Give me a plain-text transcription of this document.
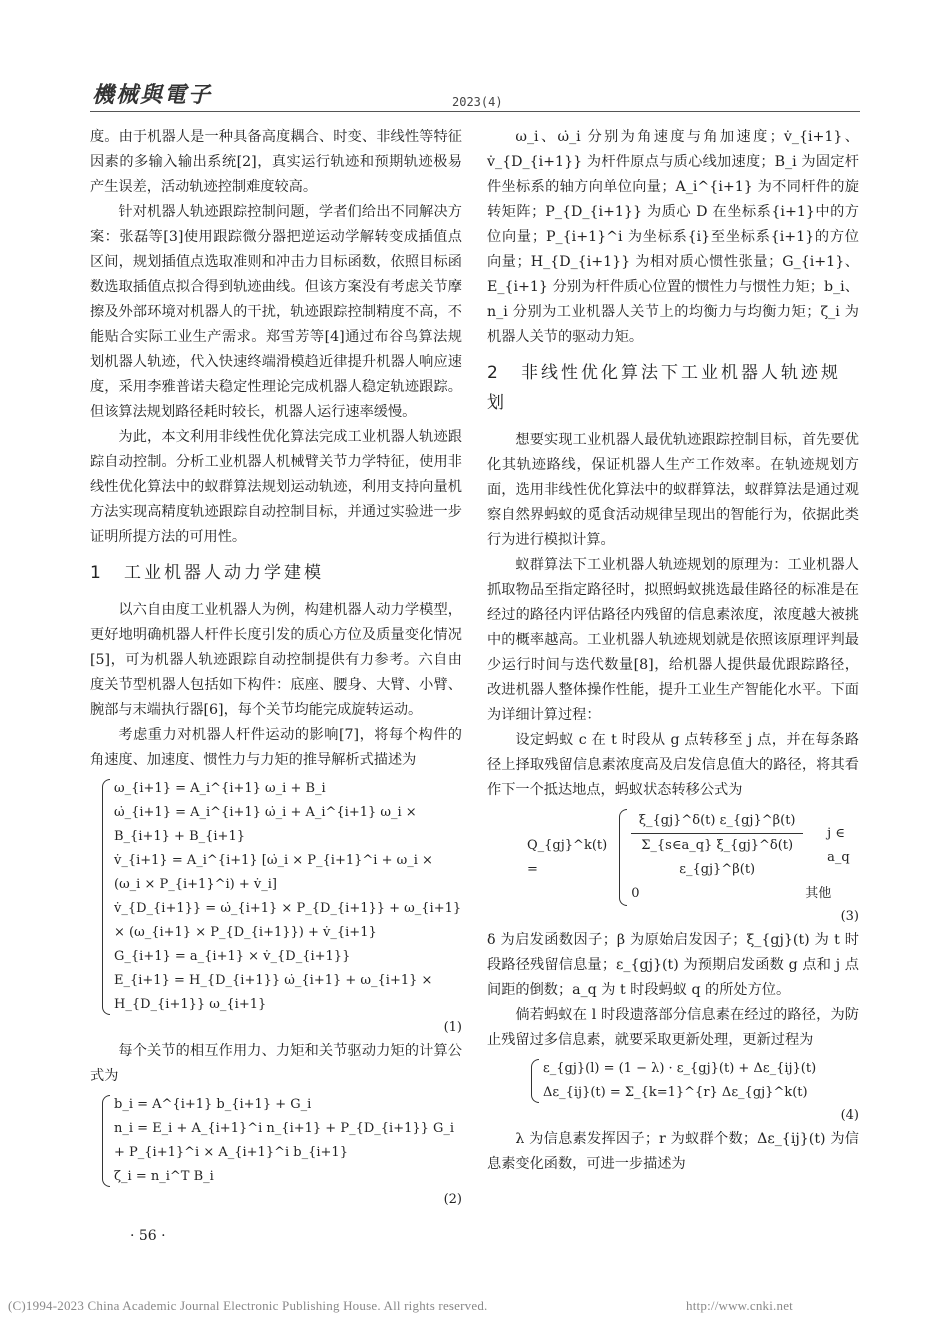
機械與電子	2023(4)

度。由于机器人是一种具备高度耦合、时变、非线性等特征因素的多输入输出系统[2]，真实运行轨迹和预期轨迹极易产生误差，活动轨迹控制难度较高。

针对机器人轨迹跟踪控制问题，学者们给出不同解决方案：张磊等[3]使用跟踪微分器把逆运动学解转变成插值点区间，规划插值点选取准则和冲击力目标函数，依照目标函数选取插值点拟合得到轨迹曲线。但该方案没有考虑关节摩擦及外部环境对机器人的干扰，轨迹跟踪控制精度不高，不能贴合实际工业生产需求。郑雪芳等[4]通过布谷鸟算法规划机器人轨迹，代入快速终端滑模趋近律提升机器人响应速度，采用李雅普诺夫稳定性理论完成机器人稳定轨迹跟踪。但该算法规划路径耗时较长，机器人运行速率缓慢。

为此，本文利用非线性优化算法完成工业机器人轨迹跟踪自动控制。分析工业机器人机械臂关节力学特征，使用非线性优化算法中的蚁群算法规划运动轨迹，利用支持向量机方法实现高精度轨迹跟踪自动控制目标，并通过实验进一步证明所提方法的可用性。

1 工业机器人动力学建模

以六自由度工业机器人为例，构建机器人动力学模型，更好地明确机器人杆件长度引发的质心方位及质量变化情况[5]，可为机器人轨迹跟踪自动控制提供有力参考。六自由度关节型机器人包括如下构件：底座、腰身、大臂、小臂、腕部与末端执行器[6]，每个关节均能完成旋转运动。

考虑重力对机器人杆件运动的影响[7]，将每个构件的角速度、加速度、惯性力与力矩的推导解析式描述为

ω_{i+1} = A_i^{i+1} ω_i + B_i
ω̇_{i+1} = A_i^{i+1} ω̇_i + A_i^{i+1} ω_i × B_{i+1} + B_{i+1}
v̇_{i+1} = A_i^{i+1} [ω̇_i × P_{i+1}^i + ω_i × (ω_i × P_{i+1}^i) + v̇_i]
v̇_{D_{i+1}} = ω̇_{i+1} × P_{D_{i+1}} + ω_{i+1} × (ω_{i+1} × P_{D_{i+1}}) + v̇_{i+1}
G_{i+1} = a_{i+1} × v̇_{D_{i+1}}
E_{i+1} = H_{D_{i+1}} ω̇_{i+1} + ω_{i+1} × H_{D_{i+1}} ω_{i+1}
(1)

每个关节的相互作用力、力矩和关节驱动力矩的计算公式为

b_i = A^{i+1} b_{i+1} + G_i
n_i = E_i + A_{i+1}^i n_{i+1} + P_{D_{i+1}} G_i + P_{i+1}^i × A_{i+1}^i b_{i+1}
ζ_i = n_i^T B_i
(2)

ω_i、ω̇_i 分别为角速度与角加速度；v̇_{i+1}、v̇_{D_{i+1}} 为杆件原点与质心线加速度；B_i 为固定杆件坐标系的轴方向单位向量；A_i^{i+1} 为不同杆件的旋转矩阵；P_{D_{i+1}} 为质心 D 在坐标系{i+1}中的方位向量；P_{i+1}^i 为坐标系{i}至坐标系{i+1}的方位向量；H_{D_{i+1}} 为相对质心惯性张量；G_{i+1}、E_{i+1} 分别为杆件质心位置的惯性力与惯性力矩；b_i、n_i 分别为工业机器人关节上的均衡力与均衡力矩；ζ_i 为机器人关节的驱动力矩。

2 非线性优化算法下工业机器人轨迹规划

想要实现工业机器人最优轨迹跟踪控制目标，首先要优化其轨迹路线，保证机器人生产工作效率。在轨迹规划方面，选用非线性优化算法中的蚁群算法，蚁群算法是通过观察自然界蚂蚁的觅食活动规律呈现出的智能行为，依据此类行为进行模拟计算。

蚁群算法下工业机器人轨迹规划的原理为：工业机器人抓取物品至指定路径时，拟照蚂蚁挑选最佳路径的标准是在经过的路径内评估路径内残留的信息素浓度，浓度越大被挑中的概率越高。工业机器人轨迹规划就是依照该原理评判最少运行时间与迭代数量[8]，给机器人提供最优跟踪路径，改进机器人整体操作性能，提升工业生产智能化水平。下面为详细计算过程：

设定蚂蚁 c 在 t 时段从 g 点转移至 j 点，并在每条路径上择取残留信息素浓度高及启发信息值大的路径，将其看作下一个抵达地点，蚂蚁状态转移公式为

Q_{gj}^k(t) =	$\frac{\xi\_\{gj\}\^{}\delta(t) \varepsilon\_\{gj\}\^{}\beta(t)}{\Sigma\_\{s\in a\_q\} \xi\_\{gj\}\^{}\delta(t) \varepsilon\_\{gj\}\^{}\beta(t)}$ j ∈ a_q
0	其他
(3)

δ 为启发函数因子；β 为原始启发因子；ξ_{gj}(t) 为 t 时段路径残留信息量；ε_{gj}(t) 为预期启发函数 g 点和 j 点间距的倒数；a_q 为 t 时段蚂蚁 q 的所处方位。

倘若蚂蚁在 l 时段遗落部分信息素在经过的路径，为防止残留过多信息素，就要采取更新处理，更新过程为

ε_{gj}(l) = (1 − λ) · ε_{gj}(t) + Δε_{ij}(t)
Δε_{ij}(t) = Σ_{k=1}^{r} Δε_{gj}^k(t)
(4)

λ 为信息素发挥因子；r 为蚁群个数；Δε_{ij}(t) 为信息素变化函数，可进一步描述为

· 56 ·
(C)1994-2023 China Academic Journal Electronic Publishing House. All rights reserved.	http://www.cnki.net
